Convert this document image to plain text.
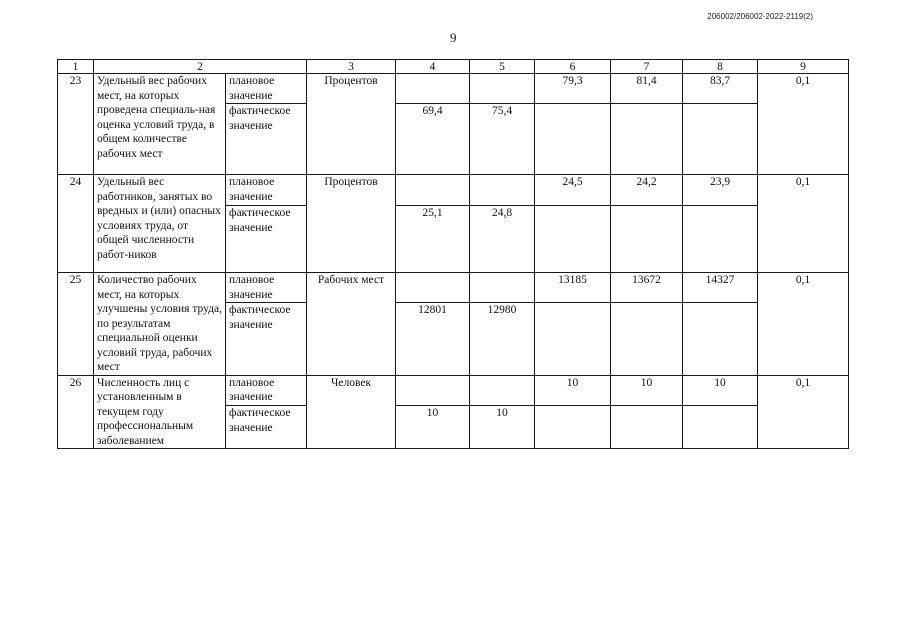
206002/206002-2022-2119(2)
9
1	2		3	4	5	6	7	8	9
23	Удельный вес рабочих мест, на которых проведена специаль-ная оценка условий труда, в общем количестве рабочих мест	плановое значение	Процентов			79,3	81,4	83,7	0,1
		фактическое значение		69,4	75,4				
24	Удельный вес работников, занятых во вредных и (или) опасных условиях труда, от общей численности работ-ников	плановое значение	Процентов			24,5	24,2	23,9	0,1
		фактическое значение		25,1	24,8				
25	Количество рабочих мест, на которых улучшены условия труда, по результатам специальной оценки условий труда, рабочих мест	плановое значение	Рабочих мест			13185	13672	14327	0,1
		фактическое значение		12801	12980				
26	Численность лиц с установленным в текущем году профессиональным заболеванием	плановое значение	Человек			10	10	10	0,1
		фактическое значение		10	10				
